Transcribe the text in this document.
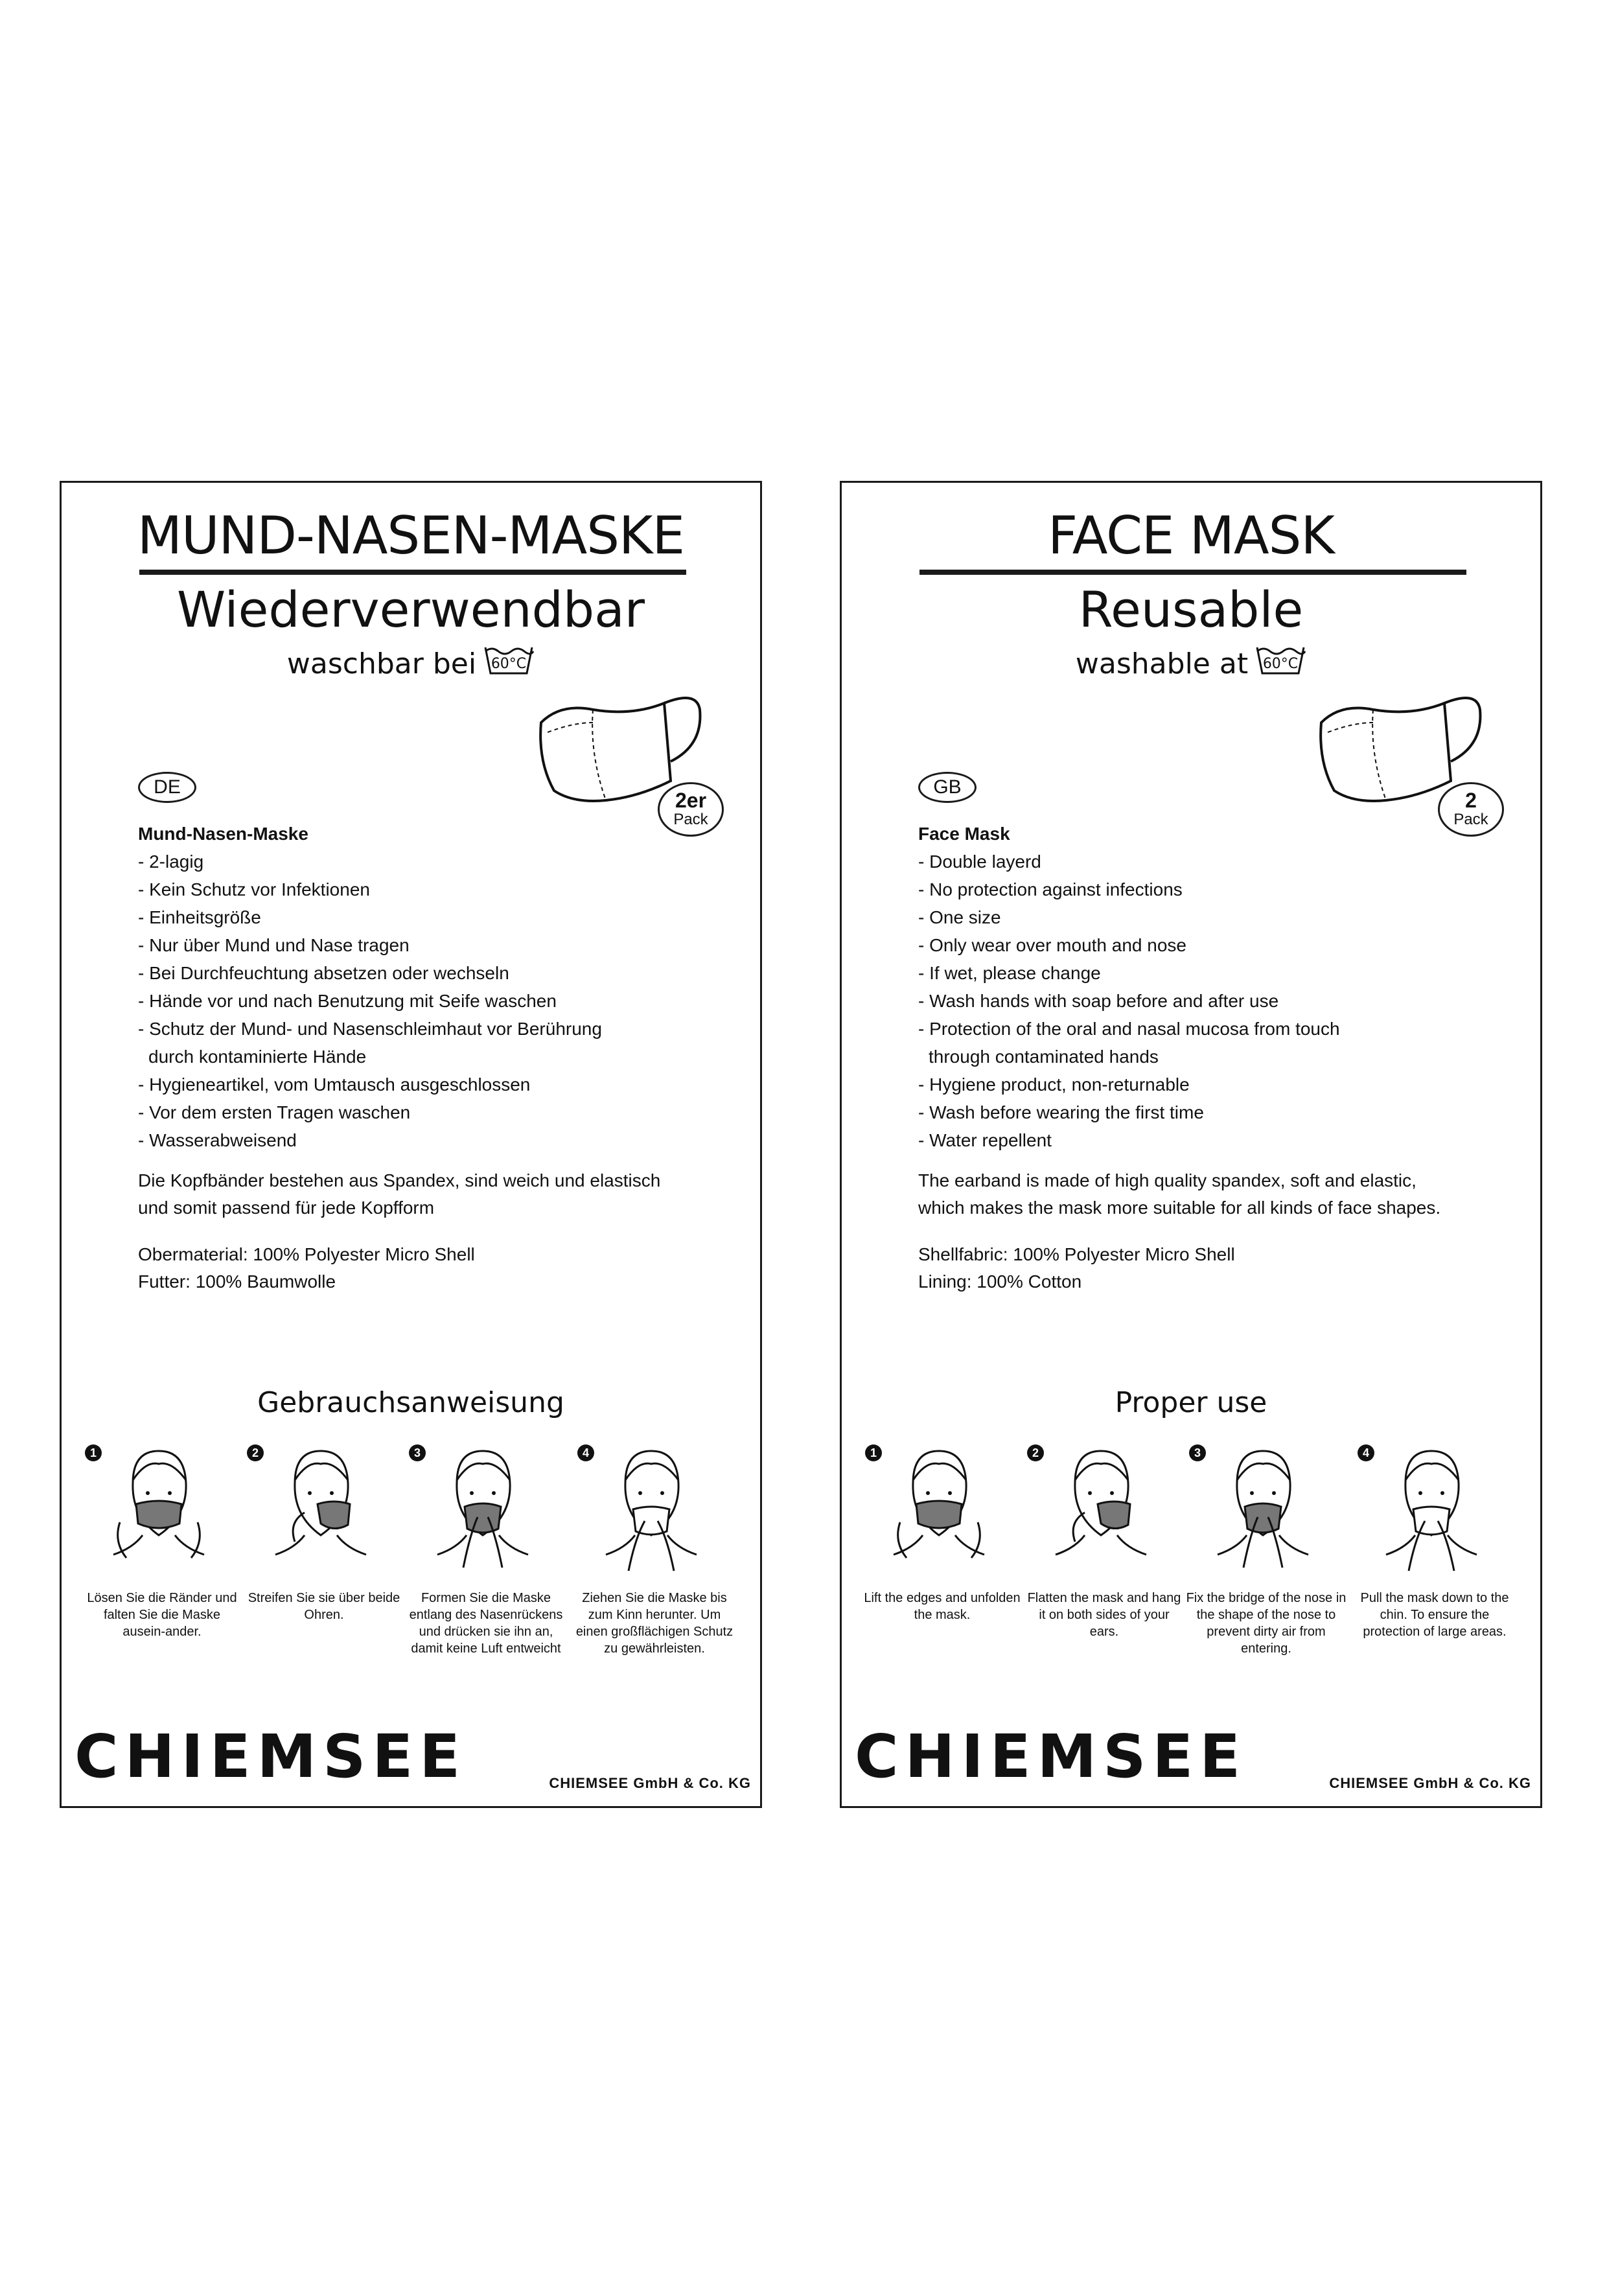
MUND-NASEN-MASKE
Wiederverwendbar
waschbar bei 60°C
2er
Pack
DE
Mund-Nasen-Maske
- 2-lagig
- Kein Schutz vor Infektionen
- Einheitsgröße
- Nur über Mund und Nase tragen
- Bei Durchfeuchtung absetzen oder wechseln
- Hände vor und nach Benutzung mit Seife waschen
- Schutz der Mund- und Nasenschleimhaut vor Berührung
durch kontaminierte Hände
- Hygieneartikel, vom Umtausch ausgeschlossen
- Vor dem ersten Tragen waschen
- Wasserabweisend
Die Kopfbänder bestehen aus Spandex, sind weich und elastisch
und somit passend für jede Kopfform
Obermaterial: 100% Polyester Micro Shell
Futter: 100% Baumwolle
Gebrauchsanweisung
1
Lösen Sie die Ränder und falten Sie die Maske ausein-ander.
2
Streifen Sie sie über beide Ohren.
3
Formen Sie die Maske entlang des Nasenrückens und drücken sie ihn an, damit keine Luft entweicht
4
Ziehen Sie die Maske bis zum Kinn herunter. Um einen großflächigen Schutz zu gewährleisten.
CHIEMSEE	CHIEMSEE GmbH & Co. KG
FACE MASK
Reusable
washable at 60°C
2
Pack
GB
Face Mask
- Double layerd
- No protection against infections
- One size
- Only wear over mouth and nose
- If wet, please change
- Wash hands with soap before and after use
- Protection of the oral and nasal mucosa from touch
through contaminated hands
- Hygiene product, non-returnable
- Wash before wearing the first time
- Water repellent
The earband is made of high quality spandex, soft and elastic,
which makes the mask more suitable for all kinds of face shapes.
Shellfabric: 100% Polyester Micro Shell
Lining: 100% Cotton
Proper use
1
Lift the edges and unfolden the mask.
2
Flatten the mask and hang it on both sides of your ears.
3
Fix the bridge of the nose in the shape of the nose to prevent dirty air from entering.
4
Pull the mask down to the chin. To ensure the protection of large areas.
CHIEMSEE	CHIEMSEE GmbH & Co. KG
